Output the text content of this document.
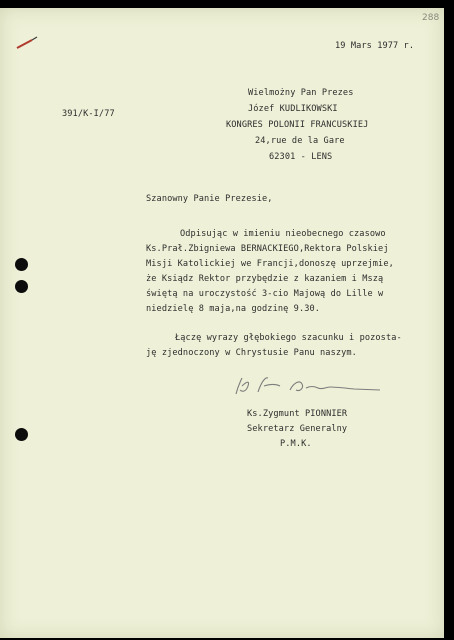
288
19 Mars 1977 r.
391/K-I/77
Wielmożny Pan Prezes
Józef KUDLIKOWSKI
KONGRES POLONII FRANCUSKIEJ
24,rue de la Gare
62301 - LENS
Szanowny Panie Prezesie,
Odpisując w imieniu nieobecnego czasowo
Ks.Prał.Zbigniewa BERNACKIEGO,Rektora Polskiej
Misji Katolickiej we Francji,donoszę uprzejmie,
że Ksiądz Rektor przybędzie z kazaniem i Mszą
świętą na uroczystość 3-cio Majową do Lille w
niedzielę 8 maja,na godzinę 9.30.
Łączę wyrazy głębokiego szacunku i pozosta-
ję zjednoczony w Chrystusie Panu naszym.
Ks.Zygmunt PIONNIER
Sekretarz Generalny
P.M.K.
